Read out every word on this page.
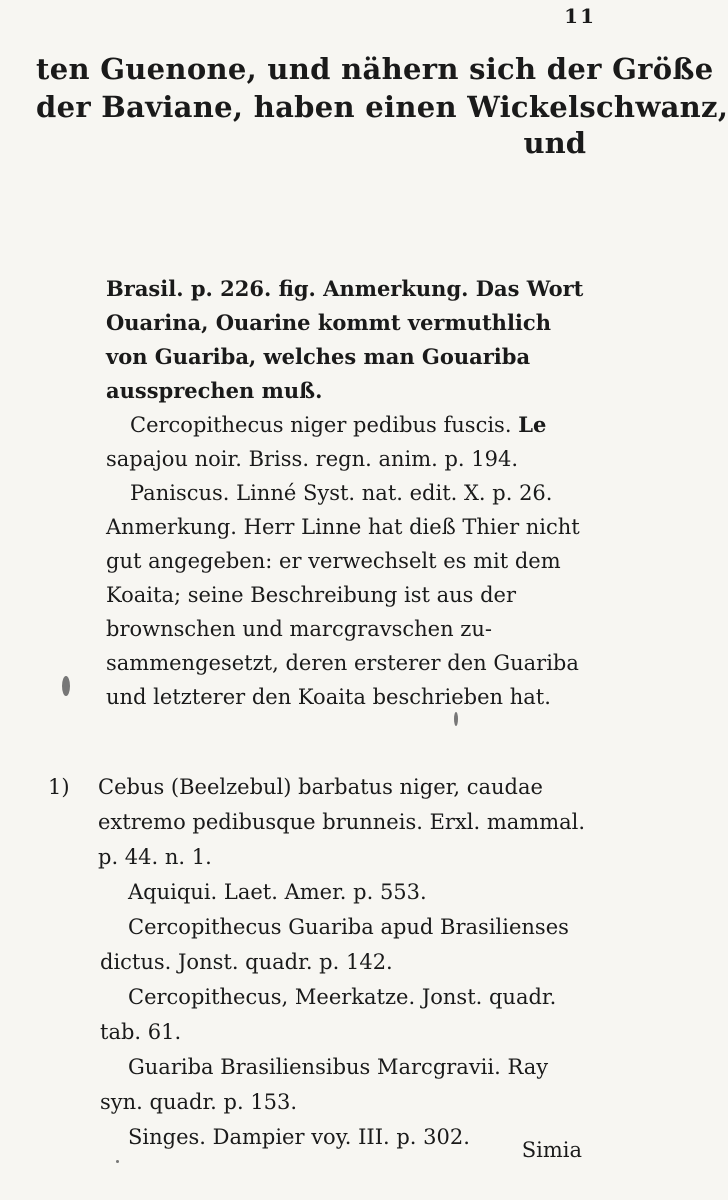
11
ten Guenone, und nähern sich der Größe
der Baviane, haben einen Wickelschwanz,
und

Brasil. p. 226. fig. Anmerkung. Das Wort Ouarina, Ouarine kommt vermuthlich von Guariba, welches man Gouariba aussprechen muß.

Cercopithecus niger pedibus fuscis. Le sapajou noir. Briss. regn. anim. p. 194.

Paniscus. Linné Syst. nat. edit. X. p. 26. Anmerkung. Herr Linne hat dieß Thier nicht gut angegeben: er verwechselt es mit dem Koaita; seine Beschreibung ist aus der brownschen und marcgravschen zusammengesetzt, deren ersterer den Guariba und letzterer den Koaita beschrieben hat.

1) Cebus (Beelzebul) barbatus niger, caudae extremo pedibusque brunneis. Erxl. mammal. p. 44. n. 1.

Aquiqui. Laet. Amer. p. 553.

Cercopithecus Guariba apud Brasilienses dictus. Jonst. quadr. p. 142.

Cercopithecus, Meerkatze. Jonst. quadr. tab. 61.

Guariba Brasiliensibus Marcgravii. Ray syn. quadr. p. 153.

Singes. Dampier voy. III. p. 302.

Simia
